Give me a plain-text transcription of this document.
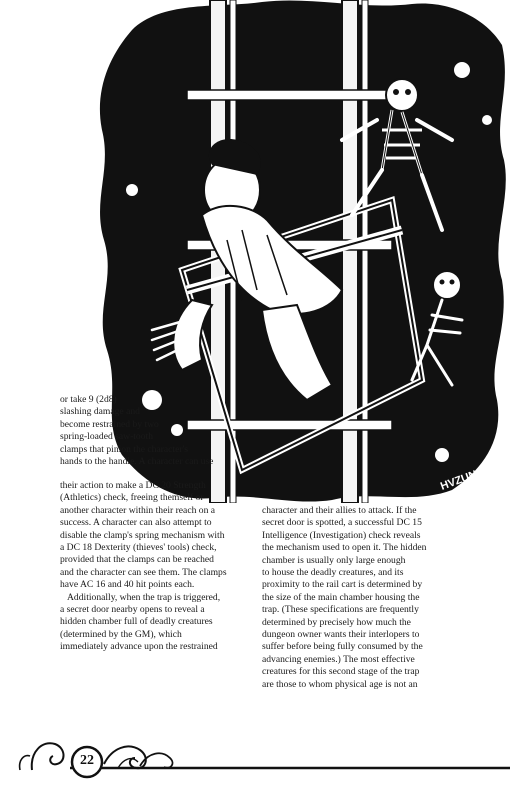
HVZUN

or take 9 (2d8)

slashing damage and

become restrained by two

spring-loaded saw-tooth

clamps that pinion the character's

hands to the handle. A character can use

their action to make a DC 20 Strength

(Athletics) check, freeing themself or

another character within their reach on a

success. A character can also attempt to

disable the clamp's spring mechanism with

a DC 18 Dexterity (thieves' tools) check,

provided that the clamps can be reached

and the character can see them. The clamps

have AC 16 and 40 hit points each.

Additionally, when the trap is triggered,

a secret door nearby opens to reveal a

hidden chamber full of deadly creatures

(determined by the GM), which

immediately advance upon the restrained

character and their allies to attack. If the

secret door is spotted, a successful DC 15

Intelligence (Investigation) check reveals

the mechanism used to open it. The hidden

chamber is usually only large enough

to house the deadly creatures, and its

proximity to the rail cart is determined by

the size of the main chamber housing the

trap. (These specifications are frequently

determined by precisely how much the

dungeon owner wants their interlopers to

suffer before being fully consumed by the

advancing enemies.) The most effective

creatures for this second stage of the trap

are those to whom physical age is not an

22
